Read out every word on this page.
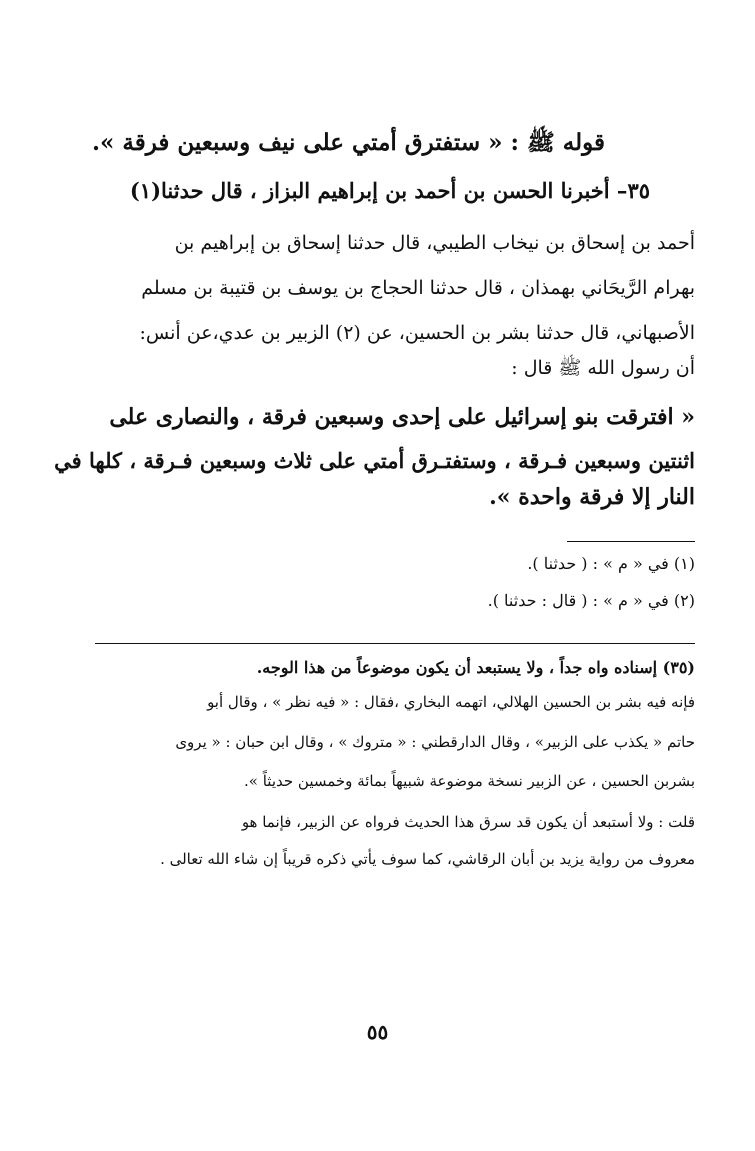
قوله ﷺ : « ستفترق أمتي على نيف وسبعين فرقة ».
٣٥– أخبرنا الحسن بن أحمد بن إبراهيم البزاز ، قال حدثنا(١)
أحمد بن إسحاق بن نيخاب الطيبي، قال حدثنا إسحاق بن إبراهيم بن
بهرام الرَّيحَاني بهمذان ، قال حدثنا الحجاج بن يوسف بن قتيبة بن مسلم
الأصبهاني، قال حدثنا بشر بن الحسين، عن (٢) الزبير بن عدي،عن أنس:
أن رسول الله ﷺ قال :
« افترقت بنو إسرائيل على إحدى وسبعين فرقة ، والنصارى على
اثنتين وسبعين فـرقة ، وستفتـرق أمتي على ثلاث وسبعين فـرقة ، كلها في
النار إلا فرقة واحدة ».
(١) في « م » : ( حدثنا ).
(٢) في « م » : ( قال : حدثنا ).
(٣٥) إسناده واه جداً ، ولا يستبعد أن يكون موضوعاً من هذا الوجه.
فإنه فيه بشر بن الحسين الهلالي، اتهمه البخاري ،فقال : « فيه نظر » ، وقال أبو
حاتم « يكذب على الزبير» ، وقال الدارقطني : « متروك » ، وقال ابن حبان : « يروى
بشربن الحسين ، عن الزبير نسخة موضوعة شبيهاً بمائة وخمسين حديثاً ».
قلت : ولا أستبعد أن يكون قد سرق هذا الحديث فرواه عن الزبير، فإنما هو
معروف من رواية يزيد بن أبان الرقاشي، كما سوف يأتي ذكره قريباً إن شاء الله تعالى .
٥٥
